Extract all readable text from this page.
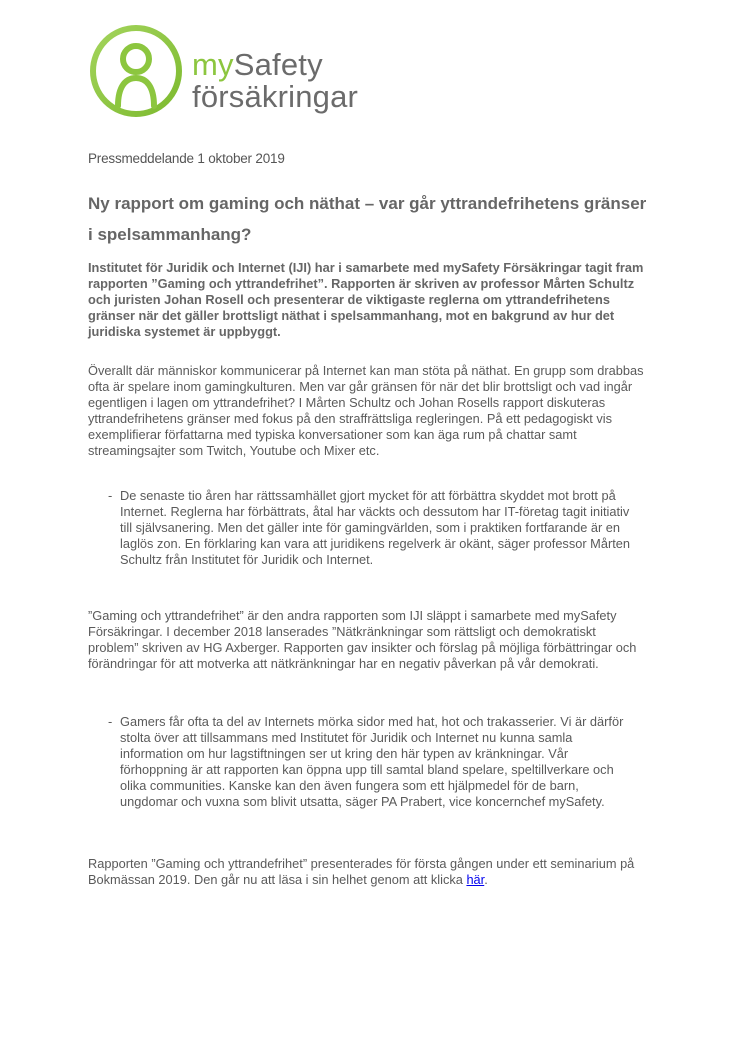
mySafety
försäkringar
Pressmeddelande 1 oktober 2019
Ny rapport om gaming och näthat – var går yttrandefrihetens gränser i spelsammanhang?

Institutet för Juridik och Internet (IJI) har i samarbete med mySafety Försäkringar tagit fram rapporten ”Gaming och yttrandefrihet”. Rapporten är skriven av professor Mårten Schultz och juristen Johan Rosell och presenterar de viktigaste reglerna om yttrandefrihetens gränser när det gäller brottsligt näthat i spelsammanhang, mot en bakgrund av hur det juridiska systemet är uppbyggt.

Överallt där människor kommunicerar på Internet kan man stöta på näthat. En grupp som drabbas ofta är spelare inom gamingkulturen. Men var går gränsen för när det blir brottsligt och vad ingår egentligen i lagen om yttrandefrihet? I Mårten Schultz och Johan Rosells rapport diskuteras yttrandefrihetens gränser med fokus på den straffrättsliga regleringen. På ett pedagogiskt vis exemplifierar författarna med typiska konversationer som kan äga rum på chattar samt streamingsajter som Twitch, Youtube och Mixer etc.

- De senaste tio åren har rättssamhället gjort mycket för att förbättra skyddet mot brott på Internet. Reglerna har förbättrats, åtal har väckts och dessutom har IT-företag tagit initiativ till självsanering. Men det gäller inte för gamingvärlden, som i praktiken fortfarande är en laglös zon. En förklaring kan vara att juridikens regelverk är okänt, säger professor Mårten Schultz från Institutet för Juridik och Internet.

”Gaming och yttrandefrihet” är den andra rapporten som IJI släppt i samarbete med mySafety Försäkringar. I december 2018 lanserades ”Nätkränkningar som rättsligt och demokratiskt problem” skriven av HG Axberger. Rapporten gav insikter och förslag på möjliga förbättringar och förändringar för att motverka att nätkränkningar har en negativ påverkan på vår demokrati.

- Gamers får ofta ta del av Internets mörka sidor med hat, hot och trakasserier. Vi är därför stolta över att tillsammans med Institutet för Juridik och Internet nu kunna samla information om hur lagstiftningen ser ut kring den här typen av kränkningar. Vår förhoppning är att rapporten kan öppna upp till samtal bland spelare, speltillverkare och olika communities. Kanske kan den även fungera som ett hjälpmedel för de barn, ungdomar och vuxna som blivit utsatta, säger PA Prabert, vice koncernchef mySafety.

Rapporten ”Gaming och yttrandefrihet” presenterades för första gången under ett seminarium på Bokmässan 2019. Den går nu att läsa i sin helhet genom att klicka här.
